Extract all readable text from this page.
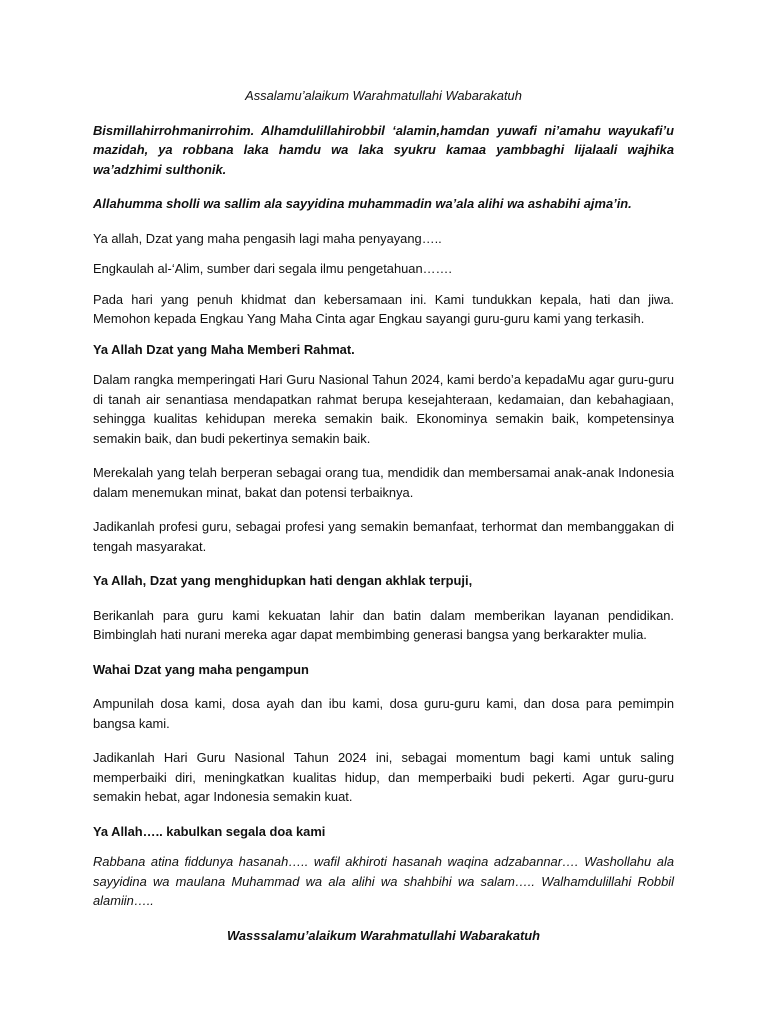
Assalamu’alaikum Warahmatullahi Wabarakatuh

Bismillahirrohmanirrohim. Alhamdulillahirobbil ‘alamin,hamdan yuwafi ni’amahu wayukafi’u mazidah, ya robbana laka hamdu wa laka syukru kamaa yambbaghi lijalaali wajhika wa’adzhimi sulthonik.

Allahumma sholli wa sallim ala sayyidina muhammadin wa’ala alihi wa ashabihi ajma’in.

Ya allah, Dzat yang maha pengasih lagi maha penyayang…..

Engkaulah al-‘Alim, sumber dari segala ilmu pengetahuan…….

Pada hari yang penuh khidmat dan kebersamaan ini. Kami tundukkan kepala, hati dan jiwa. Memohon kepada Engkau Yang Maha Cinta agar Engkau sayangi guru-guru kami yang terkasih.

Ya Allah Dzat yang Maha Memberi Rahmat.

Dalam rangka memperingati Hari Guru Nasional Tahun 2024, kami berdo’a kepadaMu agar guru-guru di tanah air senantiasa mendapatkan rahmat berupa kesejahteraan, kedamaian, dan kebahagiaan, sehingga kualitas kehidupan mereka semakin baik. Ekonominya semakin baik, kompetensinya semakin baik, dan budi pekertinya semakin baik.

Merekalah yang telah berperan sebagai orang tua, mendidik dan membersamai anak-anak Indonesia dalam menemukan minat, bakat dan potensi terbaiknya.

Jadikanlah profesi guru, sebagai profesi yang semakin bemanfaat, terhormat dan membanggakan di tengah masyarakat.

Ya Allah, Dzat yang menghidupkan hati dengan akhlak terpuji,

Berikanlah para guru kami kekuatan lahir dan batin dalam memberikan layanan pendidikan. Bimbinglah hati nurani mereka agar dapat membimbing generasi bangsa yang berkarakter mulia.

Wahai Dzat yang maha pengampun

Ampunilah dosa kami, dosa ayah dan ibu kami, dosa guru-guru kami, dan dosa para pemimpin bangsa kami.

Jadikanlah Hari Guru Nasional Tahun 2024 ini, sebagai momentum bagi kami untuk saling memperbaiki diri, meningkatkan kualitas hidup, dan memperbaiki budi pekerti. Agar guru-guru semakin hebat, agar Indonesia semakin kuat.

Ya Allah….. kabulkan segala doa kami

Rabbana atina fiddunya hasanah….. wafil akhiroti hasanah waqina adzabannar…. Washollahu ala sayyidina wa maulana Muhammad wa ala alihi wa shahbihi wa salam….. Walhamdulillahi Robbil alamiin…..

Wasssalamu’alaikum Warahmatullahi Wabarakatuh
